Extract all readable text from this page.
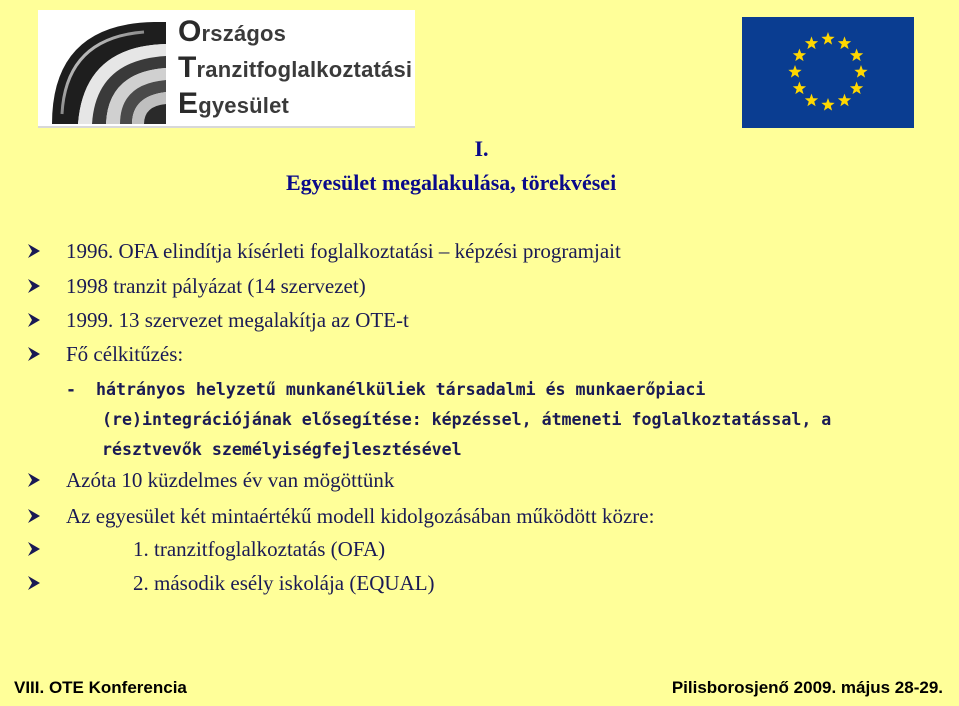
Országos
Tranzitfoglalkoztatási
Egyesület
I.
Egyesület megalakulása, törekvései
1996. OFA elindítja kísérleti foglalkoztatási – képzési programjait
1998 tranzit pályázat (14 szervezet)
1999. 13 szervezet megalakítja az OTE-t
Fő célkitűzés:
- hátrányos helyzetű munkanélküliek társadalmi és munkaerőpiaci
(re)integrációjának elősegítése: képzéssel, átmeneti foglalkoztatással, a
résztvevők személyiségfejlesztésével
Azóta 10 küzdelmes év van mögöttünk
Az egyesület két mintaértékű modell kidolgozásában működött közre:
1. tranzitfoglalkoztatás (OFA)
2. második esély iskolája (EQUAL)
VIII. OTE Konferencia	Pilisborosjenő 2009. május 28-29.
